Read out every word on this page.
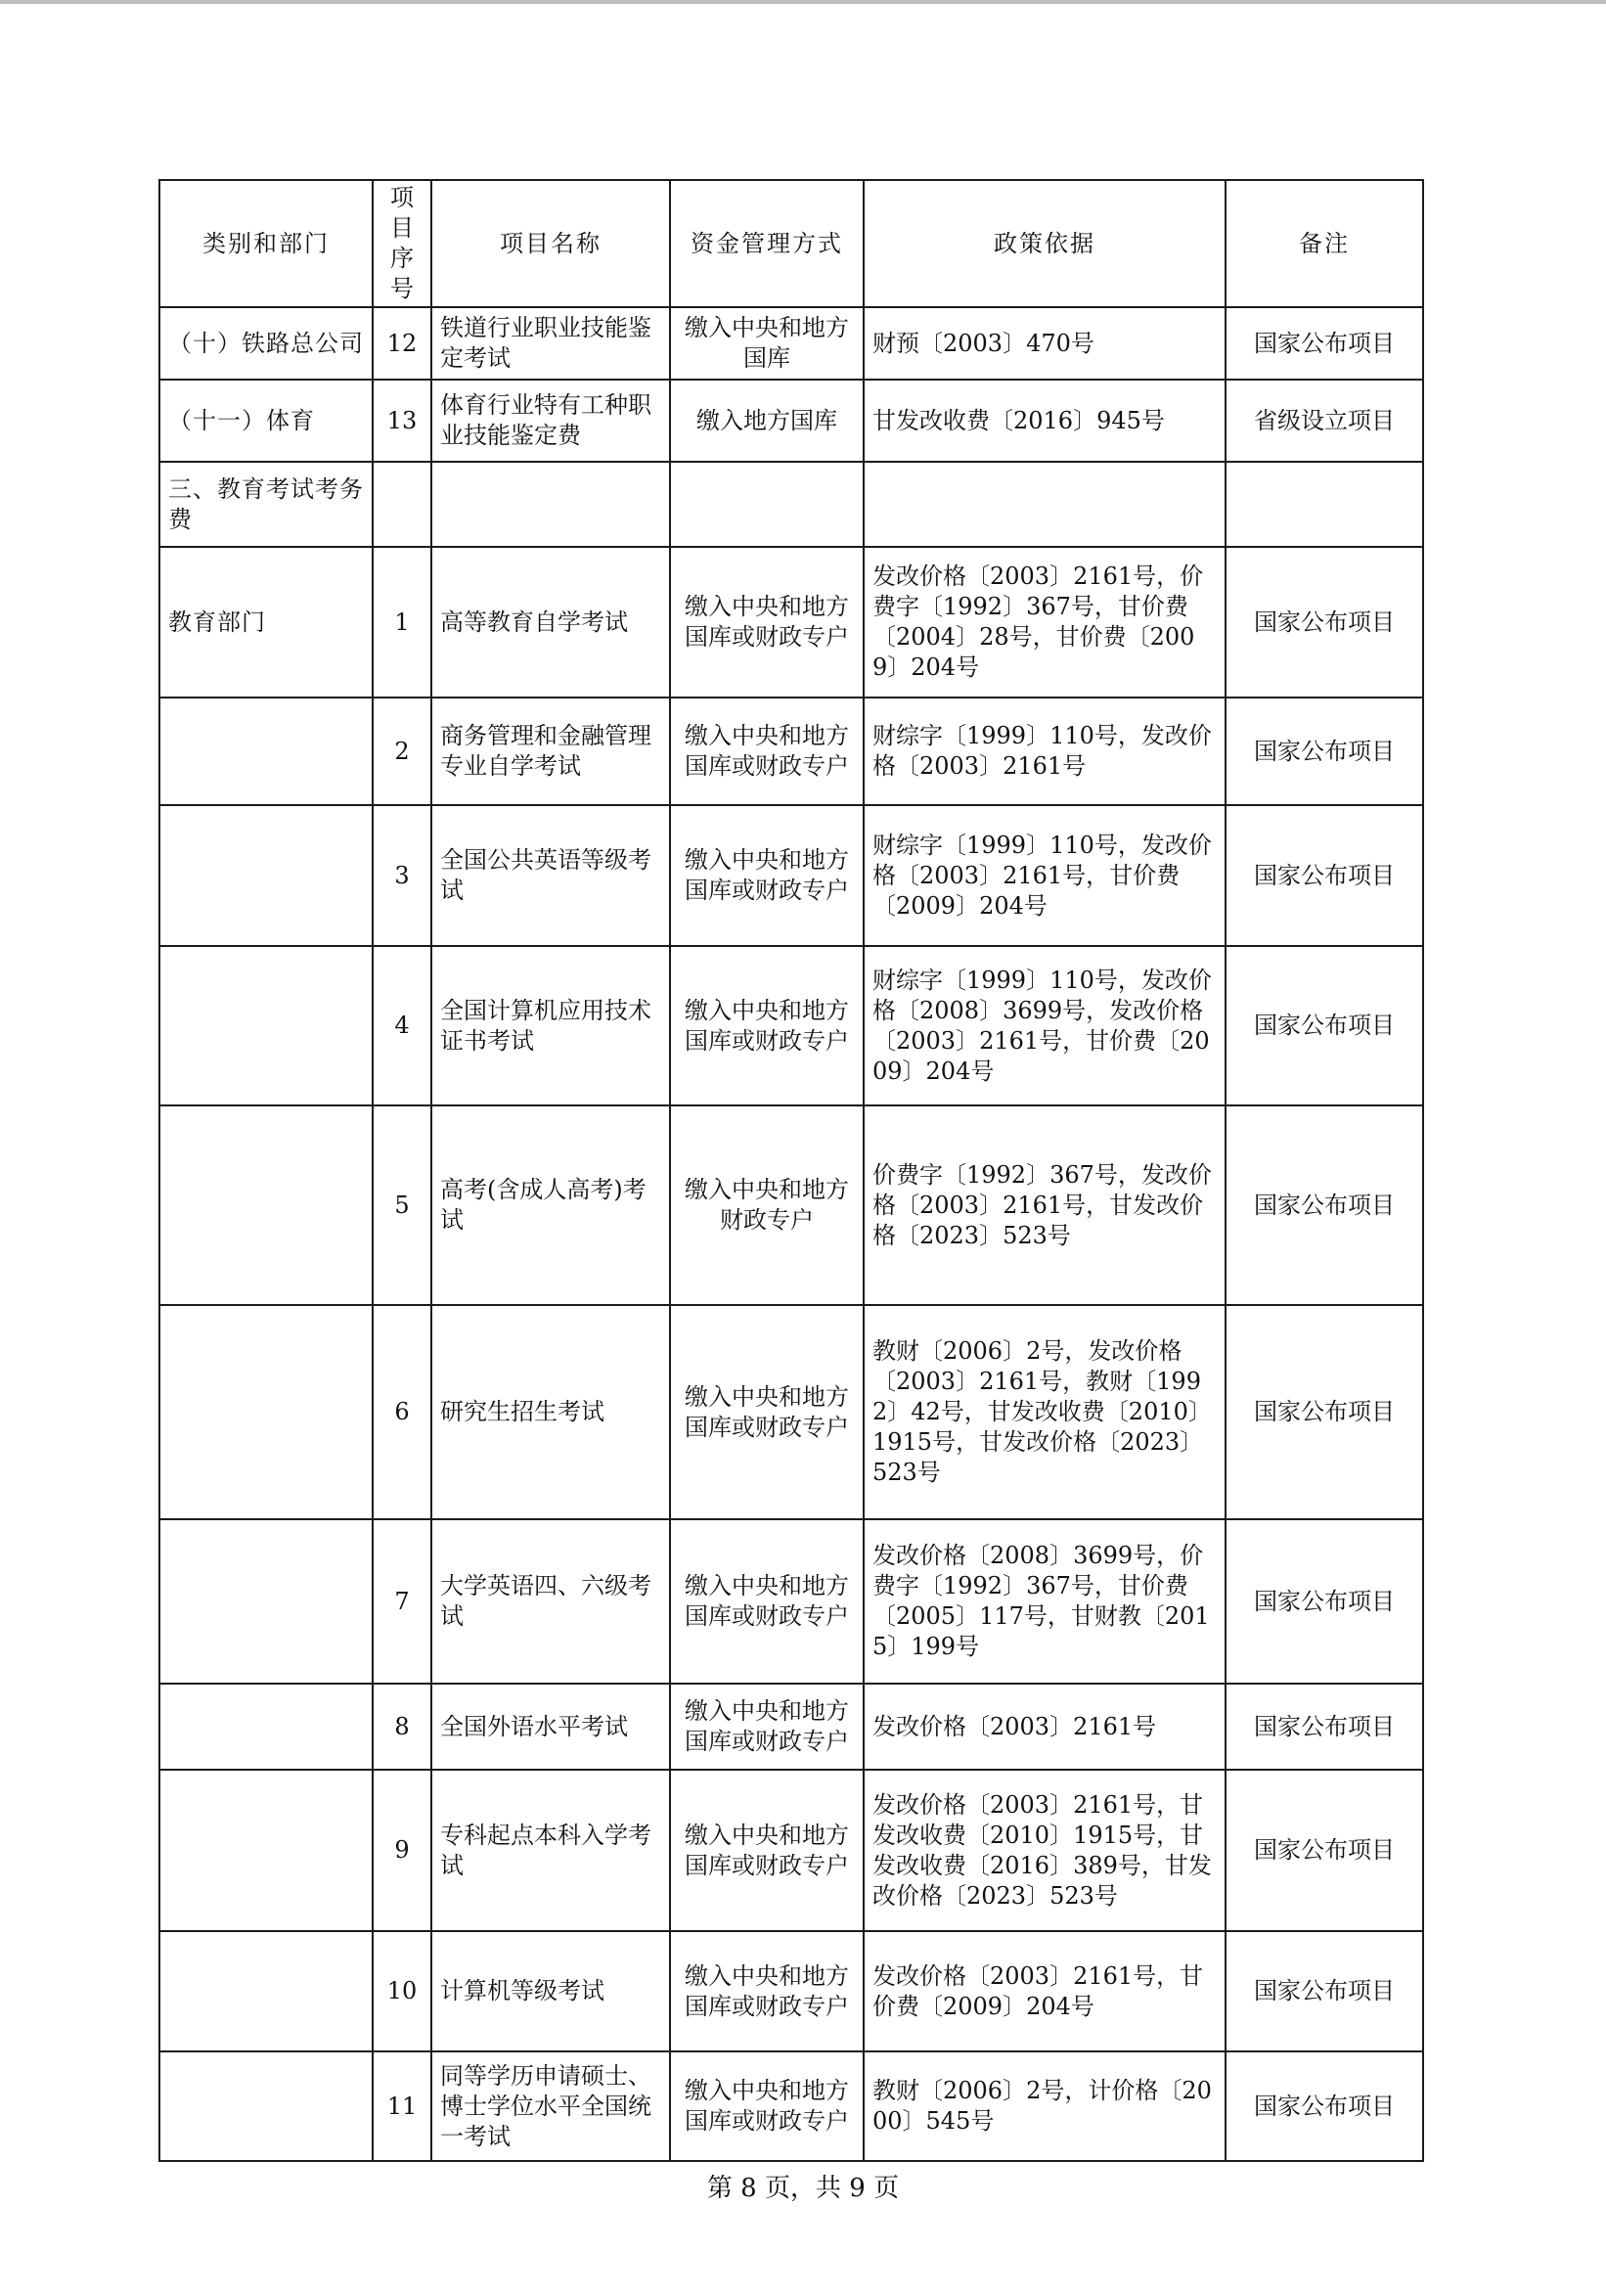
类别和部门	项目序号	项目名称	资金管理方式	政策依据	备注
（十）铁路总公司	12	铁道行业职业技能鉴定考试	缴入中央和地方国库	财预〔2003〕470号	国家公布项目
（十一）体育	13	体育行业特有工种职业技能鉴定费	缴入地方国库	甘发改收费〔2016〕945号	省级设立项目
三、教育考试考务费					
教育部门	1	高等教育自学考试	缴入中央和地方国库或财政专户	发改价格〔2003〕2161号，价费字〔1992〕367号，甘价费〔2004〕28号，甘价费〔2009〕204号	国家公布项目
	2	商务管理和金融管理专业自学考试	缴入中央和地方国库或财政专户	财综字〔1999〕110号，发改价格〔2003〕2161号	国家公布项目
	3	全国公共英语等级考试	缴入中央和地方国库或财政专户	财综字〔1999〕110号，发改价格〔2003〕2161号，甘价费〔2009〕204号	国家公布项目
	4	全国计算机应用技术证书考试	缴入中央和地方国库或财政专户	财综字〔1999〕110号，发改价格〔2008〕3699号，发改价格〔2003〕2161号，甘价费〔2009〕204号	国家公布项目
	5	高考(含成人高考)考试	缴入中央和地方财政专户	价费字〔1992〕367号，发改价格〔2003〕2161号，甘发改价格〔2023〕523号	国家公布项目
	6	研究生招生考试	缴入中央和地方国库或财政专户	教财〔2006〕2号，发改价格〔2003〕2161号，教财〔1992〕42号，甘发改收费〔2010〕1915号，甘发改价格〔2023〕523号	国家公布项目
	7	大学英语四、六级考试	缴入中央和地方国库或财政专户	发改价格〔2008〕3699号，价费字〔1992〕367号，甘价费〔2005〕117号，甘财教〔2015〕199号	国家公布项目
	8	全国外语水平考试	缴入中央和地方国库或财政专户	发改价格〔2003〕2161号	国家公布项目
	9	专科起点本科入学考试	缴入中央和地方国库或财政专户	发改价格〔2003〕2161号，甘发改收费〔2010〕1915号，甘发改收费〔2016〕389号，甘发改价格〔2023〕523号	国家公布项目
	10	计算机等级考试	缴入中央和地方国库或财政专户	发改价格〔2003〕2161号，甘价费〔2009〕204号	国家公布项目
	11	同等学历申请硕士、博士学位水平全国统一考试	缴入中央和地方国库或财政专户	教财〔2006〕2号，计价格〔2000〕545号	国家公布项目
第 8 页，共 9 页
